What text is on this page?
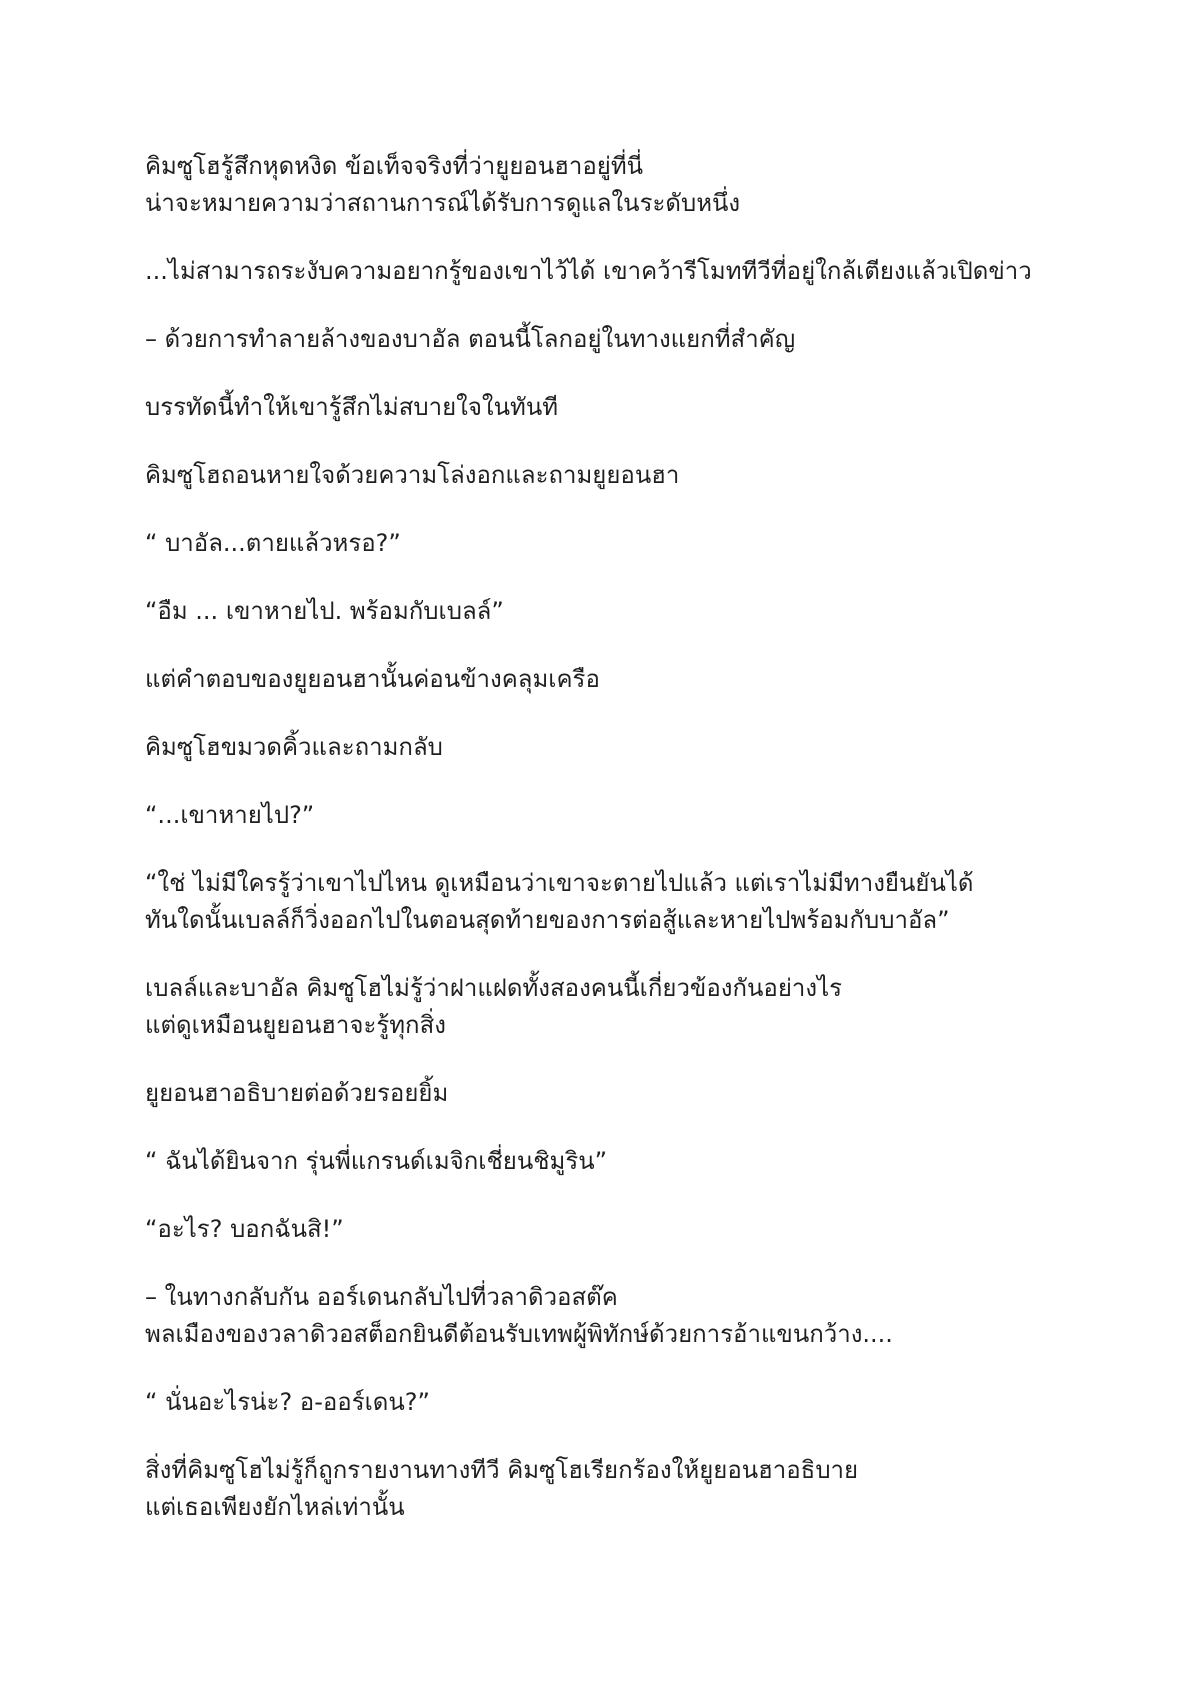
คิมซูโฮรู้สึกหุดหงิด ข้อเท็จจริงที่ว่ายูยอนฮาอยู่ที่นี่
น่าจะหมายความว่าสถานการณ์ได้รับการดูแลในระดับหนึ่ง

...ไม่สามารถระงับความอยากรู้ของเขาไว้ได้ เขาคว้ารีโมททีวีที่อยู่ใกล้เตียงแล้วเปิดข่าว

– ด้วยการทำลายล้างของบาอัล ตอนนี้โลกอยู่ในทางแยกที่สำคัญ

บรรทัดนี้ทำให้เขารู้สึกไม่สบายใจในทันที

คิมซูโฮถอนหายใจด้วยความโล่งอกและถามยูยอนฮา

“ บาอัล...ตายแล้วหรอ?”

“อืม ... เขาหายไป. พร้อมกับเบลล์”

แต่คำตอบของยูยอนฮานั้นค่อนข้างคลุมเครือ

คิมซูโฮขมวดคิ้วและถามกลับ

“...เขาหายไป?”

“ใช่ ไม่มีใครรู้ว่าเขาไปไหน ดูเหมือนว่าเขาจะตายไปแล้ว แต่เราไม่มีทางยืนยันได้
ทันใดนั้นเบลล์ก็วิ่งออกไปในตอนสุดท้ายของการต่อสู้และหายไปพร้อมกับบาอัล”

เบลล์และบาอัล คิมซูโฮไม่รู้ว่าฝาแฝดทั้งสองคนนี้เกี่ยวข้องกันอย่างไร
แต่ดูเหมือนยูยอนฮาจะรู้ทุกสิ่ง

ยูยอนฮาอธิบายต่อด้วยรอยยิ้ม

“ ฉันได้ยินจาก รุ่นพี่แกรนด์เมจิกเชี่ยนชิมูริน”

“อะไร? บอกฉันสิ!”

– ในทางกลับกัน ออร์เดนกลับไปที่วลาดิวอสต๊ค
พลเมืองของวลาดิวอสต็อกยินดีต้อนรับเทพผู้พิทักษ์ด้วยการอ้าแขนกว้าง....

“ นั่นอะไรน่ะ? อ-ออร์เดน?”

สิ่งที่คิมซูโฮไม่รู้ก็ถูกรายงานทางทีวี คิมซูโฮเรียกร้องให้ยูยอนฮาอธิบาย
แต่เธอเพียงยักไหล่เท่านั้น
